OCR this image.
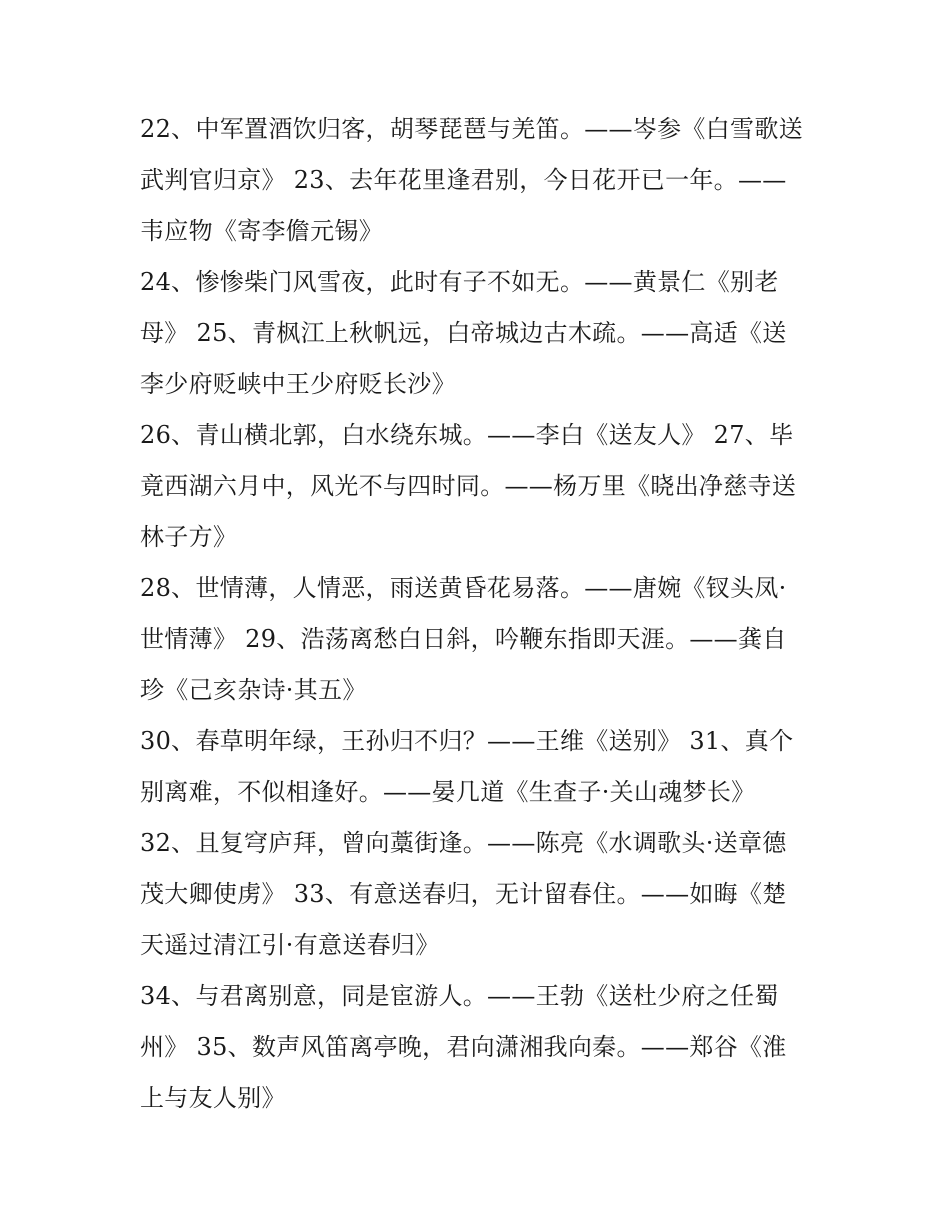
22、中军置酒饮归客，胡琴琵琶与羌笛。——岑参《白雪歌送
武判官归京》 23、去年花里逢君别，今日花开已一年。——
韦应物《寄李儋元锡》
24、惨惨柴门风雪夜，此时有子不如无。——黄景仁《别老
母》 25、青枫江上秋帆远，白帝城边古木疏。——高适《送
李少府贬峡中王少府贬长沙》
26、青山横北郭，白水绕东城。——李白《送友人》 27、毕
竟西湖六月中，风光不与四时同。——杨万里《晓出净慈寺送
林子方》
28、世情薄，人情恶，雨送黄昏花易落。——唐婉《钗头凤·
世情薄》 29、浩荡离愁白日斜，吟鞭东指即天涯。——龚自
珍《己亥杂诗·其五》
30、春草明年绿，王孙归不归？——王维《送别》 31、真个
别离难，不似相逢好。——晏几道《生查子·关山魂梦长》
32、且复穹庐拜，曾向藁街逢。——陈亮《水调歌头·送章德
茂大卿使虏》 33、有意送春归，无计留春住。——如晦《楚
天遥过清江引·有意送春归》
34、与君离别意，同是宦游人。——王勃《送杜少府之任蜀
州》 35、数声风笛离亭晚，君向潇湘我向秦。——郑谷《淮
上与友人别》
